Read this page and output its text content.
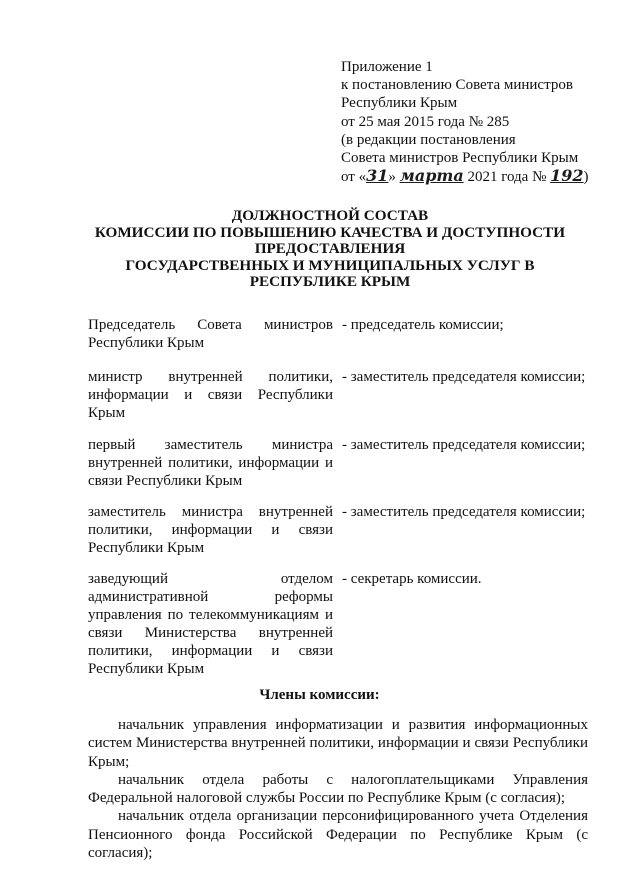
Приложение 1
к постановлению Совета министров
Республики Крым
от 25 мая 2015 года № 285
(в редакции постановления
Совета министров Республики Крым
от «31» марта 2021 года № 192)
ДОЛЖНОСТНОЙ СОСТАВ
КОМИССИИ ПО ПОВЫШЕНИЮ КАЧЕСТВА И ДОСТУПНОСТИ
ПРЕДОСТАВЛЕНИЯ
ГОСУДАРСТВЕННЫХ И МУНИЦИПАЛЬНЫХ УСЛУГ В
РЕСПУБЛИКЕ КРЫМ
Председатель Совета министров Республики Крым
- председатель комиссии;
министр внутренней политики, информации и связи Республики Крым
- заместитель председателя комиссии;
первый заместитель министра внутренней политики, информации и связи Республики Крым
- заместитель председателя комиссии;
заместитель министра внутренней политики, информации и связи Республики Крым
- заместитель председателя комиссии;
заведующий отделом административной реформы управления по телекоммуникациям и связи Министерства внутренней политики, информации и связи Республики Крым
- секретарь комиссии.
Члены комиссии:

начальник управления информатизации и развития информационных систем Министерства внутренней политики, информации и связи Республики Крым;

начальник отдела работы с налогоплательщиками Управления Федеральной налоговой службы России по Республике Крым (с согласия);

начальник отдела организации персонифицированного учета Отделения Пенсионного фонда Российской Федерации по Республике Крым (с согласия);
